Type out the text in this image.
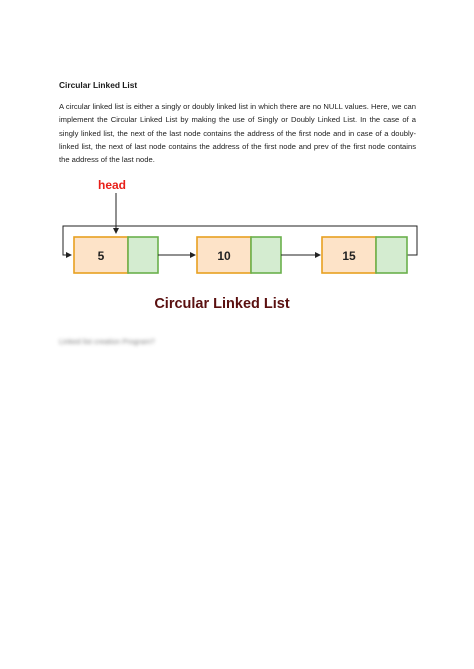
Circular Linked List
A circular linked list is either a singly or doubly linked list in which there are no NULL values. Here, we can implement the Circular Linked List by making the use of Singly or Doubly Linked List. In the case of a singly linked list, the next of the last node contains the address of the first node and in case of a doubly-linked list, the next of last node contains the address of the first node and prev of the first node contains the address of the last node.
head
5	10	15
Circular Linked List
Linked list creation Program?
